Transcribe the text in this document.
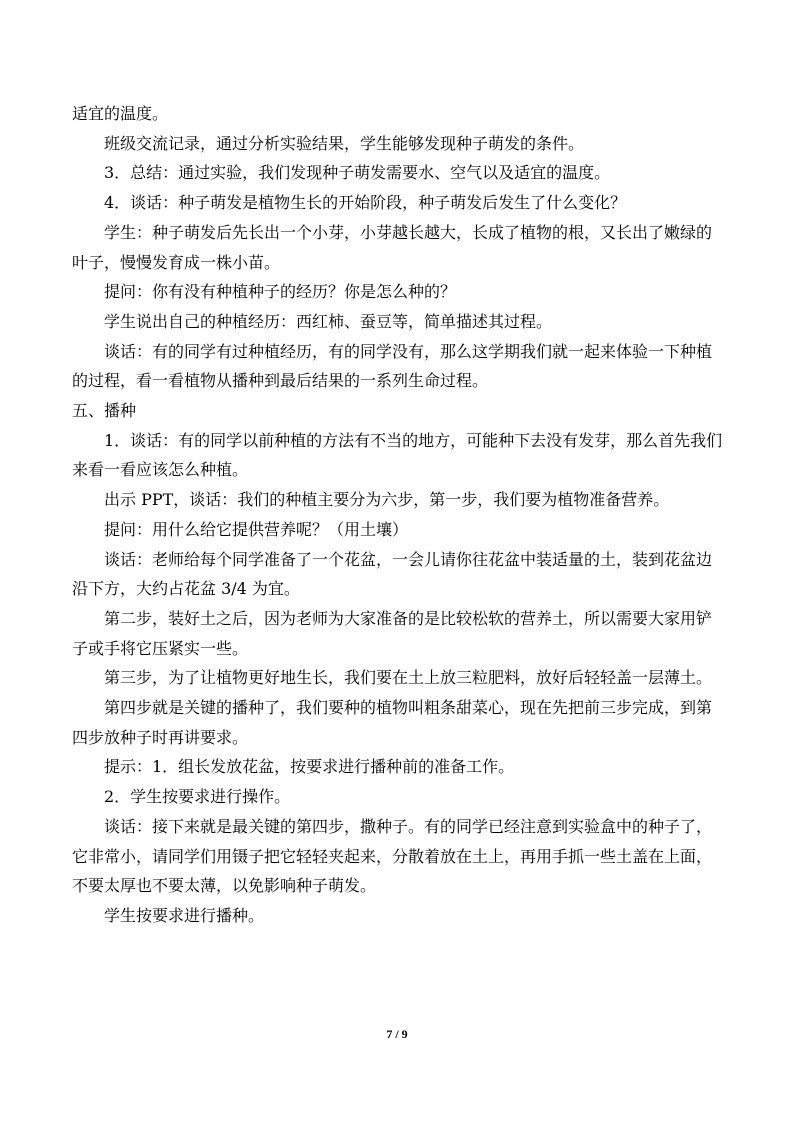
适宜的温度。

班级交流记录，通过分析实验结果，学生能够发现种子萌发的条件。

3．总结：通过实验，我们发现种子萌发需要水、空气以及适宜的温度。

4．谈话：种子萌发是植物生长的开始阶段，种子萌发后发生了什么变化？

学生：种子萌发后先长出一个小芽，小芽越长越大，长成了植物的根，又长出了嫩绿的
叶子，慢慢发育成一株小苗。

提问：你有没有种植种子的经历？你是怎么种的？

学生说出自己的种植经历：西红柿、蚕豆等，简单描述其过程。

谈话：有的同学有过种植经历，有的同学没有，那么这学期我们就一起来体验一下种植
的过程，看一看植物从播种到最后结果的一系列生命过程。

五、播种

1．谈话：有的同学以前种植的方法有不当的地方，可能种下去没有发芽，那么首先我们
来看一看应该怎么种植。

出示 PPT，谈话：我们的种植主要分为六步，第一步，我们要为植物准备营养。

提问：用什么给它提供营养呢？（用土壤）

谈话：老师给每个同学准备了一个花盆，一会儿请你往花盆中装适量的土，装到花盆边
沿下方，大约占花盆 3/4 为宜。

第二步，装好土之后，因为老师为大家准备的是比较松软的营养土，所以需要大家用铲
子或手将它压紧实一些。

第三步，为了让植物更好地生长，我们要在土上放三粒肥料，放好后轻轻盖一层薄土。

第四步就是关键的播种了，我们要种的植物叫粗条甜菜心，现在先把前三步完成，到第
四步放种子时再讲要求。

提示：1．组长发放花盆，按要求进行播种前的准备工作。

2．学生按要求进行操作。

谈话：接下来就是最关键的第四步，撒种子。有的同学已经注意到实验盒中的种子了，
它非常小，请同学们用镊子把它轻轻夹起来，分散着放在土上，再用手抓一些土盖在上面，
不要太厚也不要太薄，以免影响种子萌发。

学生按要求进行播种。

7 / 9
